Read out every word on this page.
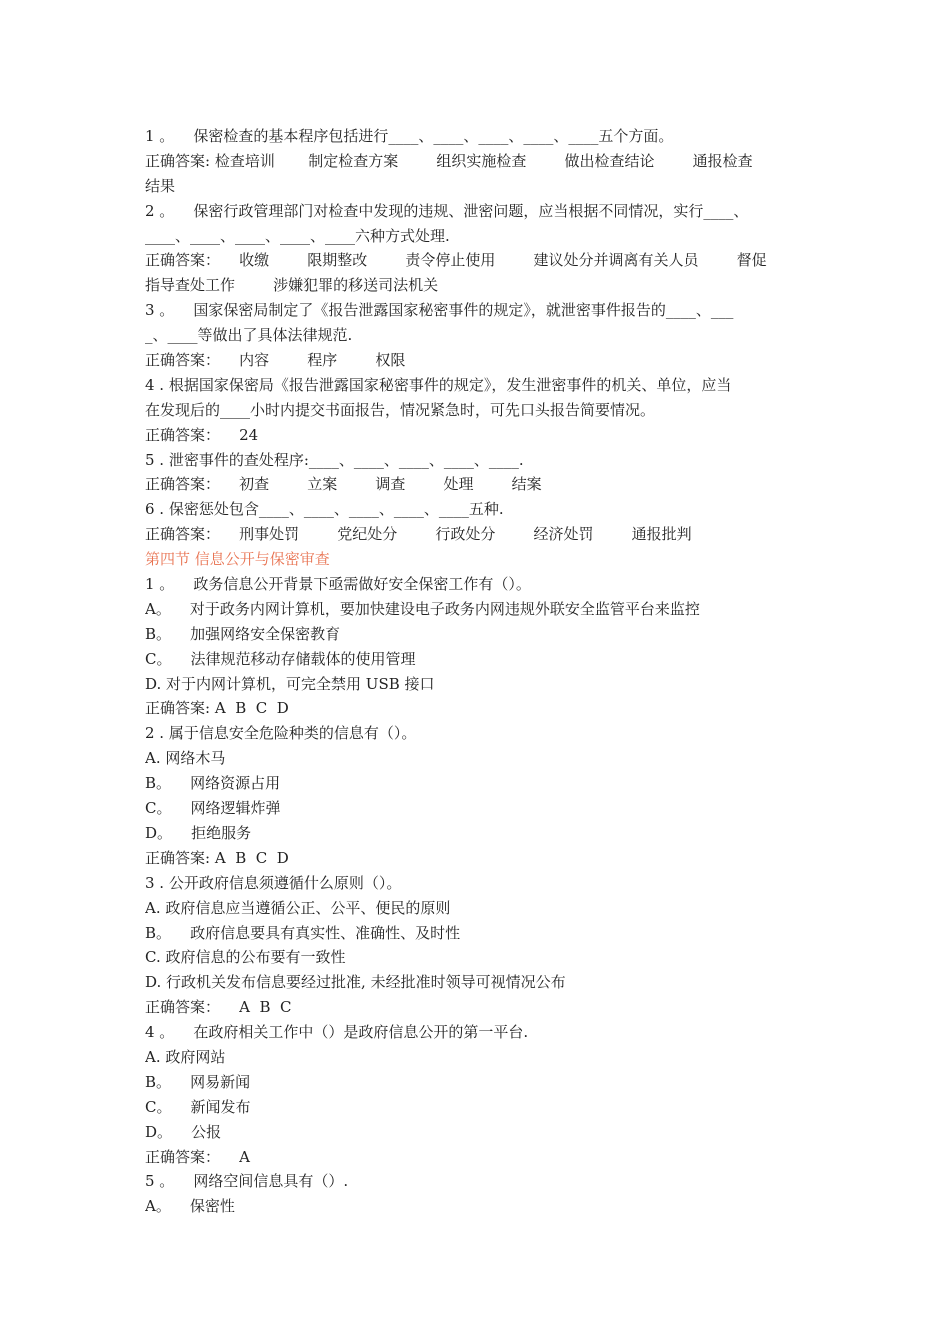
1 。    保密检查的基本程序包括进行____、____、____、____、____五个方面。
正确答案: 检查培训       制定检查方案        组织实施检查        做出检查结论        通报检查
结果
2 。    保密行政管理部门对检查中发现的违规、泄密问题，应当根据不同情况，实行____、
____、____、____、____、____六种方式处理.
正确答案：    收缴        限期整改        责令停止使用        建议处分并调离有关人员        督促
指导查处工作        涉嫌犯罪的移送司法机关
3 。    国家保密局制定了《报告泄露国家秘密事件的规定》，就泄密事件报告的____、___
_、____等做出了具体法律规范.
正确答案：    内容        程序        权限
4 . 根据国家保密局《报告泄露国家秘密事件的规定》，发生泄密事件的机关、单位，应当
在发现后的____小时内提交书面报告，情况紧急时，可先口头报告简要情况。
正确答案：    24
5 . 泄密事件的查处程序:____、____、____、____、____.
正确答案：    初查        立案        调查        处理        结案
6 . 保密惩处包含____、____、____、____、____五种.
正确答案：    刑事处罚        党纪处分        行政处分        经济处罚        通报批判
第四节 信息公开与保密审查
1 。    政务信息公开背景下亟需做好安全保密工作有（）。
A。    对于政务内网计算机，要加快建设电子政务内网违规外联安全监管平台来监控
B。    加强网络安全保密教育
C。    法律规范移动存储载体的使用管理
D. 对于内网计算机，可完全禁用 USB 接口
正确答案: A  B  C  D
2 . 属于信息安全危险种类的信息有（）。
A. 网络木马
B。    网络资源占用
C。    网络逻辑炸弹
D。    拒绝服务
正确答案: A  B  C  D
3 . 公开政府信息须遵循什么原则（）。
A. 政府信息应当遵循公正、公平、便民的原则
B。    政府信息要具有真实性、准确性、及时性
C. 政府信息的公布要有一致性
D. 行政机关发布信息要经过批准, 未经批准时领导可视情况公布
正确答案：    A  B  C
4 。    在政府相关工作中（）是政府信息公开的第一平台.
A. 政府网站
B。    网易新闻
C。    新闻发布
D。    公报
正确答案：    A
5 。    网络空间信息具有（）.
A。    保密性
